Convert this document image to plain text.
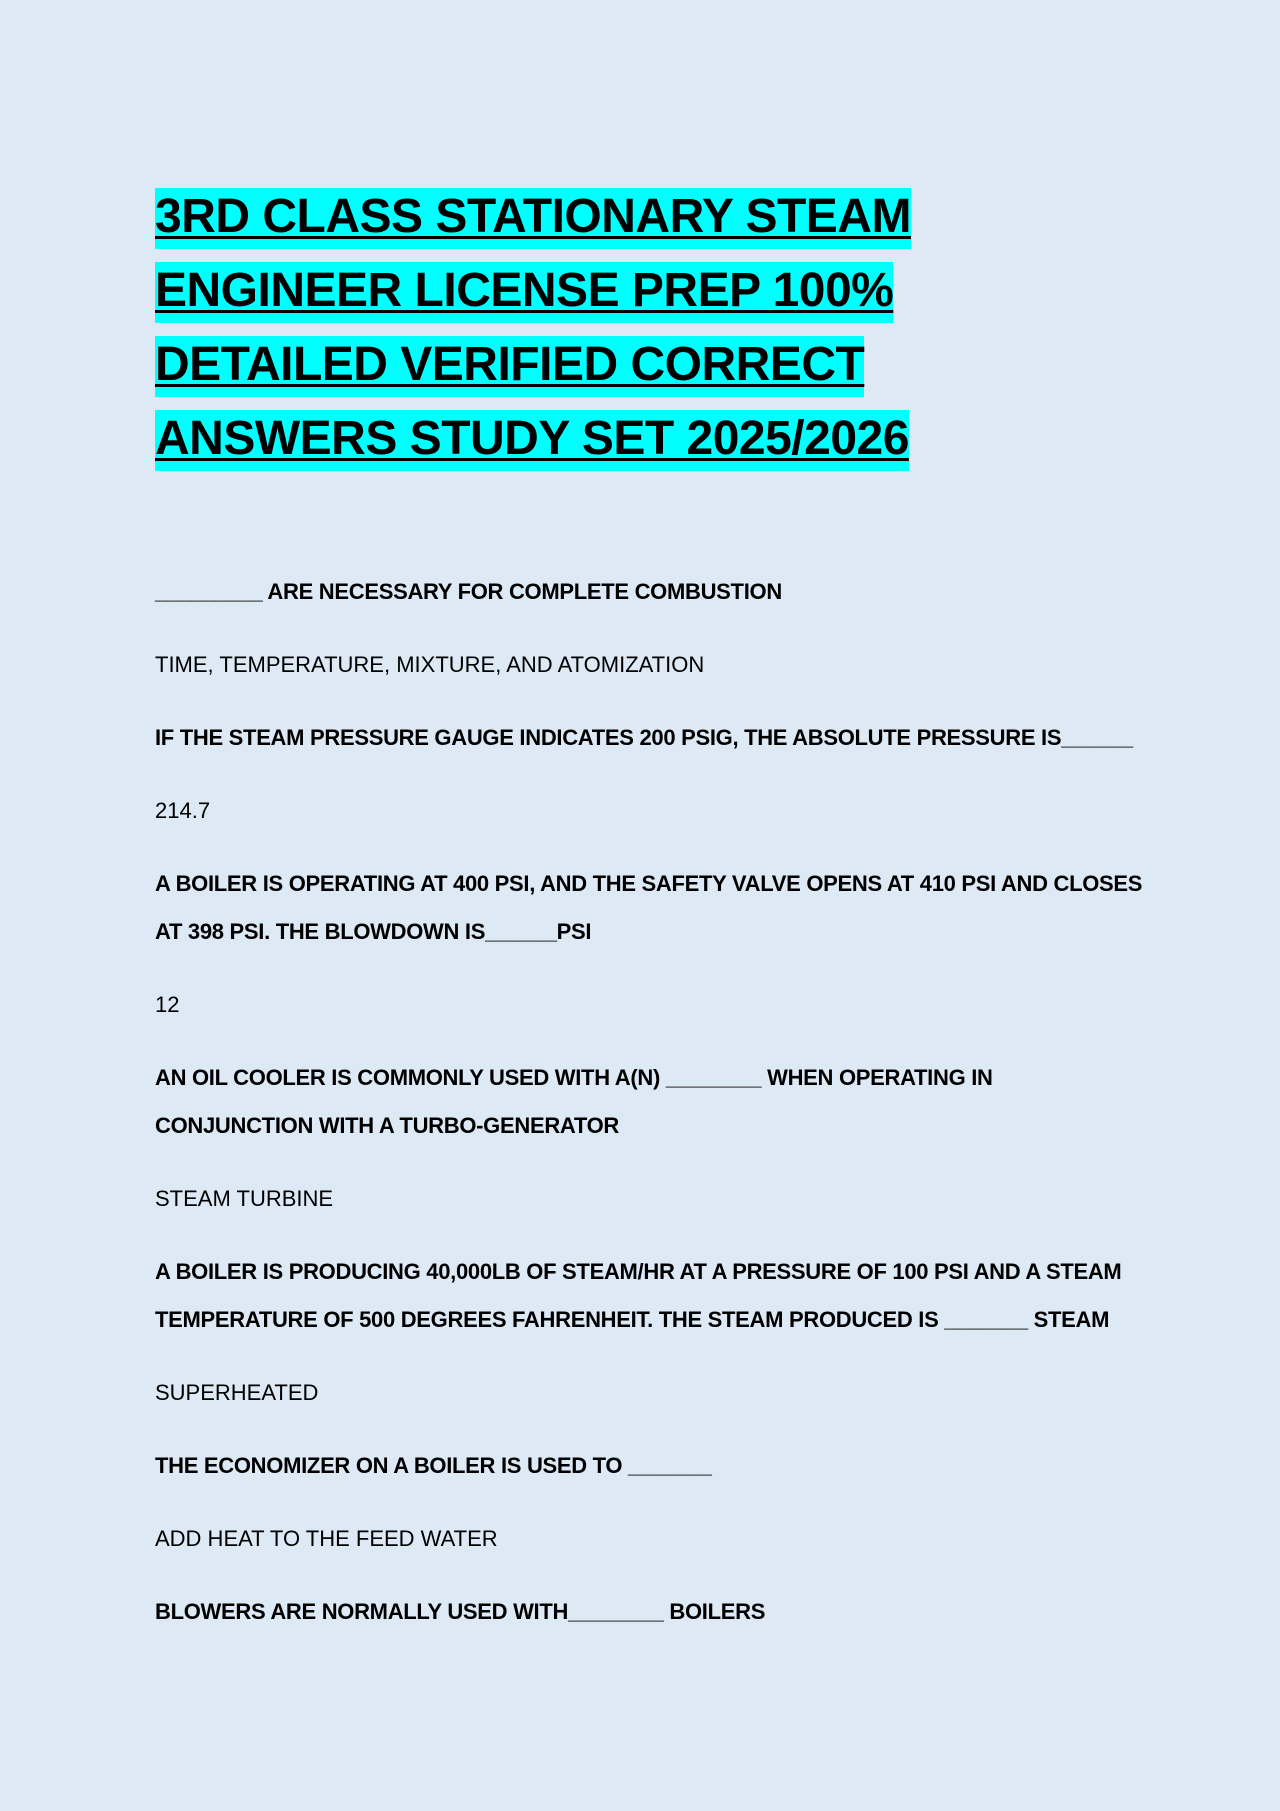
3RD CLASS STATIONARY STEAM
ENGINEER LICENSE PREP 100%
DETAILED VERIFIED CORRECT
ANSWERS STUDY SET 2025/2026

_________ ARE NECESSARY FOR COMPLETE COMBUSTION

TIME, TEMPERATURE, MIXTURE, AND ATOMIZATION

IF THE STEAM PRESSURE GAUGE INDICATES 200 PSIG, THE ABSOLUTE PRESSURE IS______

214.7

A BOILER IS OPERATING AT 400 PSI, AND THE SAFETY VALVE OPENS AT 410 PSI AND CLOSES AT 398 PSI. THE BLOWDOWN IS______PSI

12

AN OIL COOLER IS COMMONLY USED WITH A(N) ________ WHEN OPERATING IN CONJUNCTION WITH A TURBO-GENERATOR

STEAM TURBINE

A BOILER IS PRODUCING 40,000LB OF STEAM/HR AT A PRESSURE OF 100 PSI AND A STEAM TEMPERATURE OF 500 DEGREES FAHRENHEIT. THE STEAM PRODUCED IS _______ STEAM

SUPERHEATED

THE ECONOMIZER ON A BOILER IS USED TO _______

ADD HEAT TO THE FEED WATER

BLOWERS ARE NORMALLY USED WITH________ BOILERS
